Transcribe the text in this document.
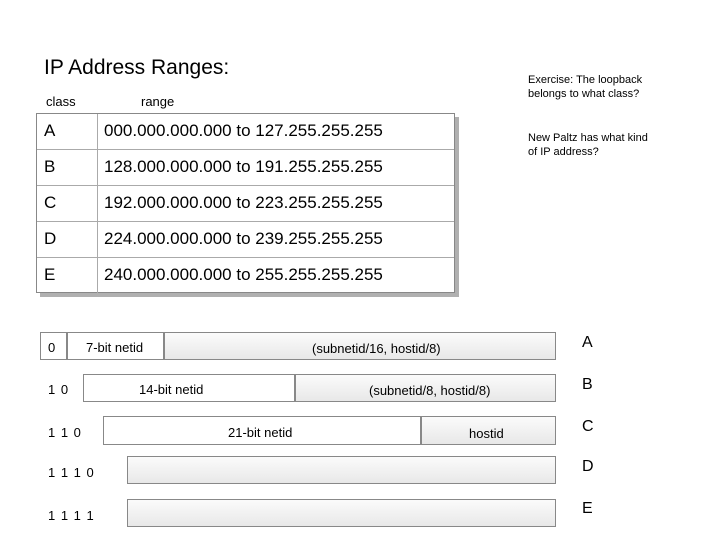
IP Address Ranges:
class	range
Exercise: The loopback belongs to what class?
New Paltz has what kind of IP address?
A	000.000.000.000 to 127.255.255.255
B	128.000.000.000 to 191.255.255.255
C	192.000.000.000 to 223.255.255.255
D	224.000.000.000 to 239.255.255.255
E	240.000.000.000 to 255.255.255.255
0 7-bit netid	(subnetid/16, hostid/8)	A
1 0	14-bit netid	(subnetid/8, hostid/8)	B
1 1 0	21-bit netid	hostid	C
1 1 1 0	D
1 1 1 1	E
